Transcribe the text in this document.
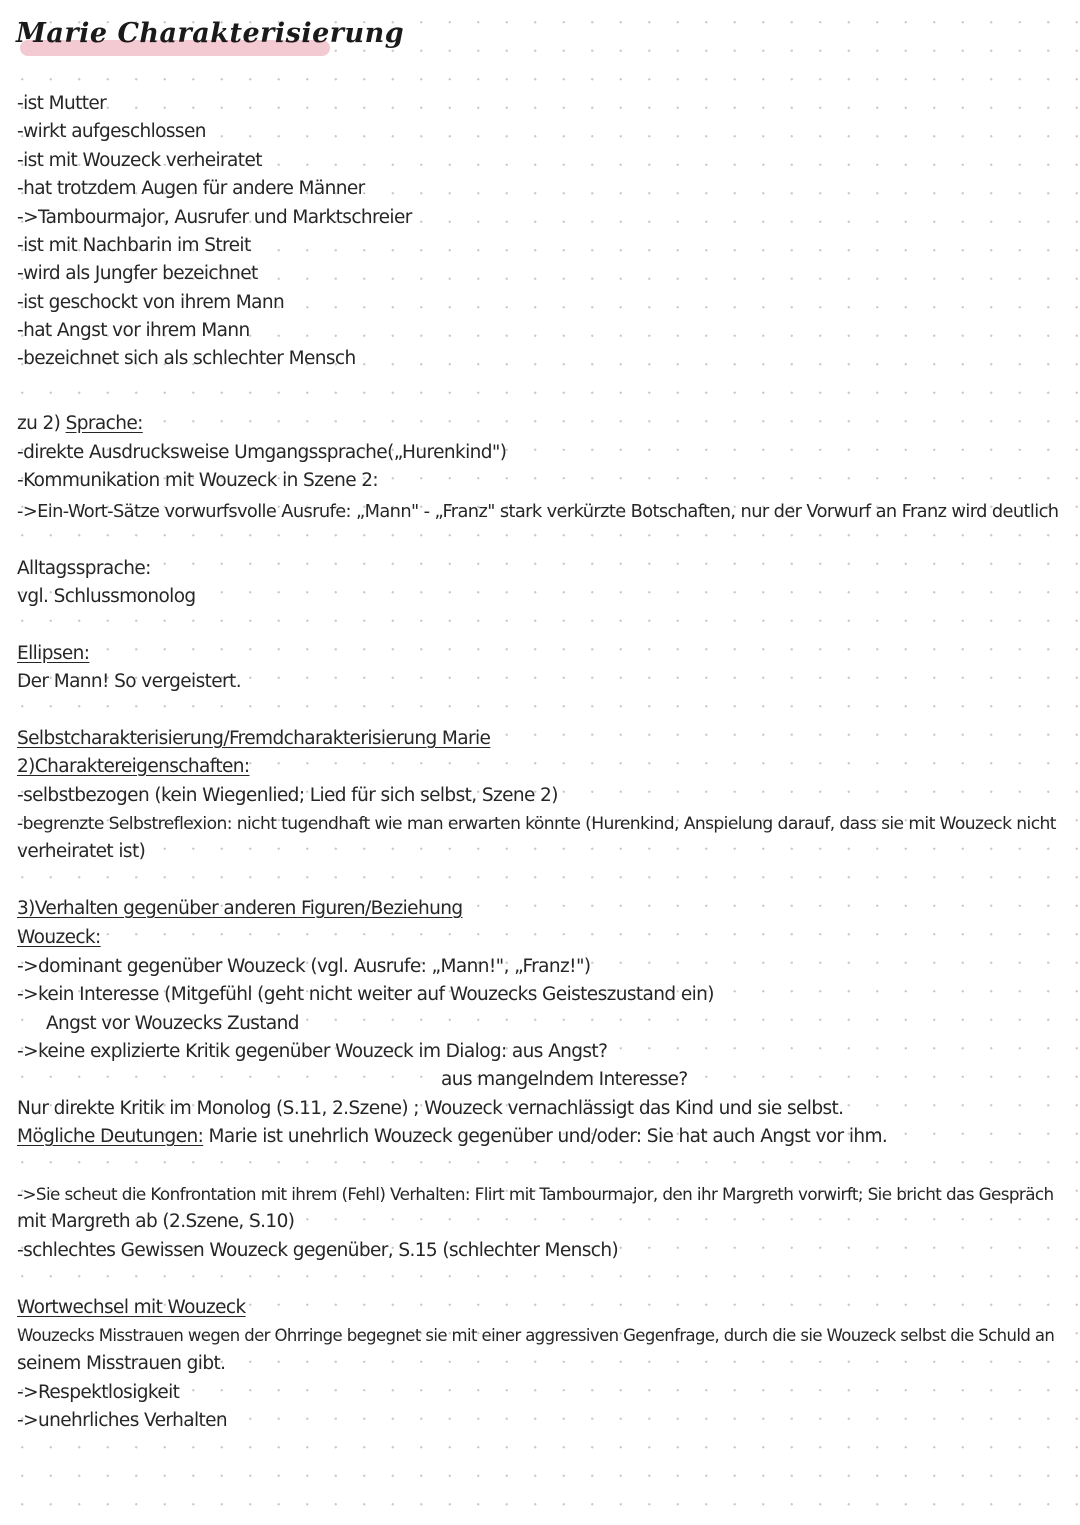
Marie Charakterisierung
-ist Mutter
-wirkt aufgeschlossen
-ist mit Wouzeck verheiratet
-hat trotzdem Augen für andere Männer
->Tambourmajor, Ausrufer und Marktschreier
-ist mit Nachbarin im Streit
-wird als Jungfer bezeichnet
-ist geschockt von ihrem Mann
-hat Angst vor ihrem Mann
-bezeichnet sich als schlechter Mensch
zu 2) Sprache:
-direkte Ausdrucksweise Umgangssprache(„Hurenkind")
-Kommunikation mit Wouzeck in Szene 2:
->Ein-Wort-Sätze vorwurfsvolle Ausrufe: „Mann" - „Franz" stark verkürzte Botschaften, nur der Vorwurf an Franz wird deutlich
Alltagssprache:
vgl. Schlussmonolog
Ellipsen:
Der Mann! So vergeistert.
Selbstcharakterisierung/Fremdcharakterisierung Marie
2)Charaktereigenschaften:
-selbstbezogen (kein Wiegenlied; Lied für sich selbst, Szene 2)
-begrenzte Selbstreflexion: nicht tugendhaft wie man erwarten könnte (Hurenkind, Anspielung darauf, dass sie mit Wouzeck nicht
verheiratet ist)
3)Verhalten gegenüber anderen Figuren/Beziehung
Wouzeck:
->dominant gegenüber Wouzeck (vgl. Ausrufe: „Mann!", „Franz!")
->kein Interesse (Mitgefühl (geht nicht weiter auf Wouzecks Geisteszustand ein)
Angst vor Wouzecks Zustand
->keine explizierte Kritik gegenüber Wouzeck im Dialog: aus Angst?
aus mangelndem Interesse?
Nur direkte Kritik im Monolog (S.11, 2.Szene) ; Wouzeck vernachlässigt das Kind und sie selbst.
Mögliche Deutungen: Marie ist unehrlich Wouzeck gegenüber und/oder: Sie hat auch Angst vor ihm.
->Sie scheut die Konfrontation mit ihrem (Fehl) Verhalten: Flirt mit Tambourmajor, den ihr Margreth vorwirft; Sie bricht das Gespräch
mit Margreth ab (2.Szene, S.10)
-schlechtes Gewissen Wouzeck gegenüber, S.15 (schlechter Mensch)
Wortwechsel mit Wouzeck
Wouzecks Misstrauen wegen der Ohrringe begegnet sie mit einer aggressiven Gegenfrage, durch die sie Wouzeck selbst die Schuld an
seinem Misstrauen gibt.
->Respektlosigkeit
->unehrliches Verhalten
